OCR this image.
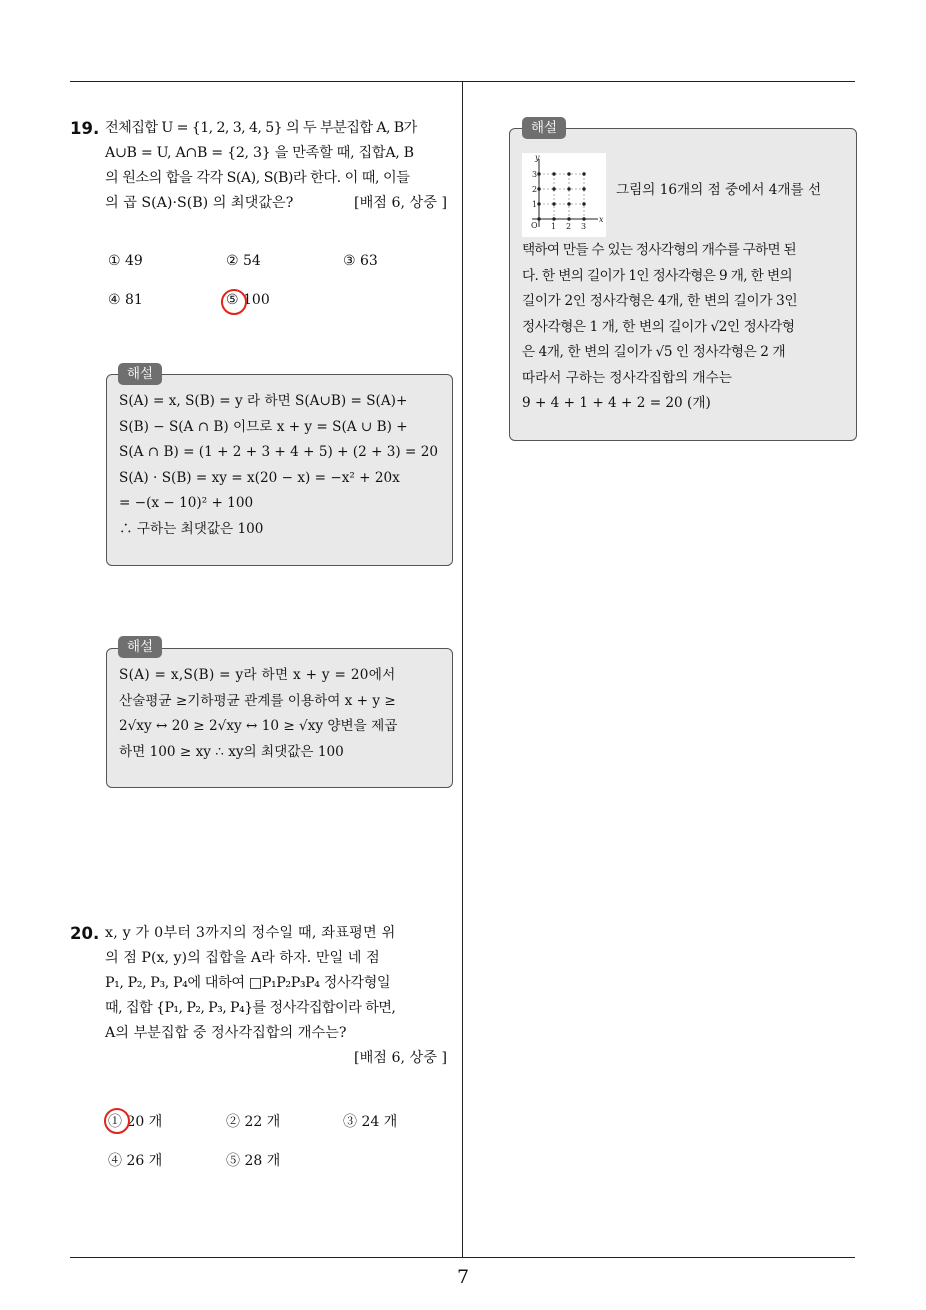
7
19. 전체집합 U = {1, 2, 3, 4, 5} 의 두 부분집합 A, B가
A∪B = U, A∩B = {2, 3} 을 만족할 때, 집합A, B
의 원소의 합을 각각 S(A), S(B)라 한다. 이 때, 이들
의 곱 S(A)·S(B) 의 최댓값은?	[배점 6, 상중 ]
① 49	② 54	③ 63
④ 81	⑤ 100
S(A) = x, S(B) = y 라 하면 S(A∪B) = S(A)+
S(B) − S(A ∩ B) 이므로 x + y = S(A ∪ B) +
S(A ∩ B) = (1 + 2 + 3 + 4 + 5) + (2 + 3) = 20
S(A) · S(B) = xy = x(20 − x) = −x² + 20x
= −(x − 10)² + 100
∴ 구하는 최댓값은 100
해설
S(A) = x,S(B) = y라 하면 x + y = 20에서
산술평균 ≥기하평균 관계를 이용하여 x + y ≥
2√xy ↔ 20 ≥ 2√xy ↔ 10 ≥ √xy 양변을 제곱
하면 100 ≥ xy ∴ xy의 최댓값은 100
해설
20. x, y 가 0부터 3까지의 정수일 때, 좌표평면 위
의 점 P(x, y)의 집합을 A라 하자. 만일 네 점
P₁, P₂, P₃, P₄에 대하여 □P₁P₂P₃P₄ 정사각형일
때, 집합 {P₁, P₂, P₃, P₄}를 정사각집합이라 하면,
A의 부분집합 중 정사각집합의 개수는?
[배점 6, 상중 ]
① 20 개	② 22 개	③ 24 개
④ 26 개	⑤ 28 개
y
x
O 1 2 3
1
2
3
그림의 16개의 점 중에서 4개를 선
택하여 만들 수 있는 정사각형의 개수를 구하면 된
다. 한 변의 길이가 1인 정사각형은 9 개, 한 변의
길이가 2인 정사각형은 4개, 한 변의 길이가 3인
정사각형은 1 개, 한 변의 길이가 √2인 정사각형
은 4개, 한 변의 길이가 √5 인 정사각형은 2 개
따라서 구하는 정사각집합의 개수는
9 + 4 + 1 + 4 + 2 = 20 (개)
해설
